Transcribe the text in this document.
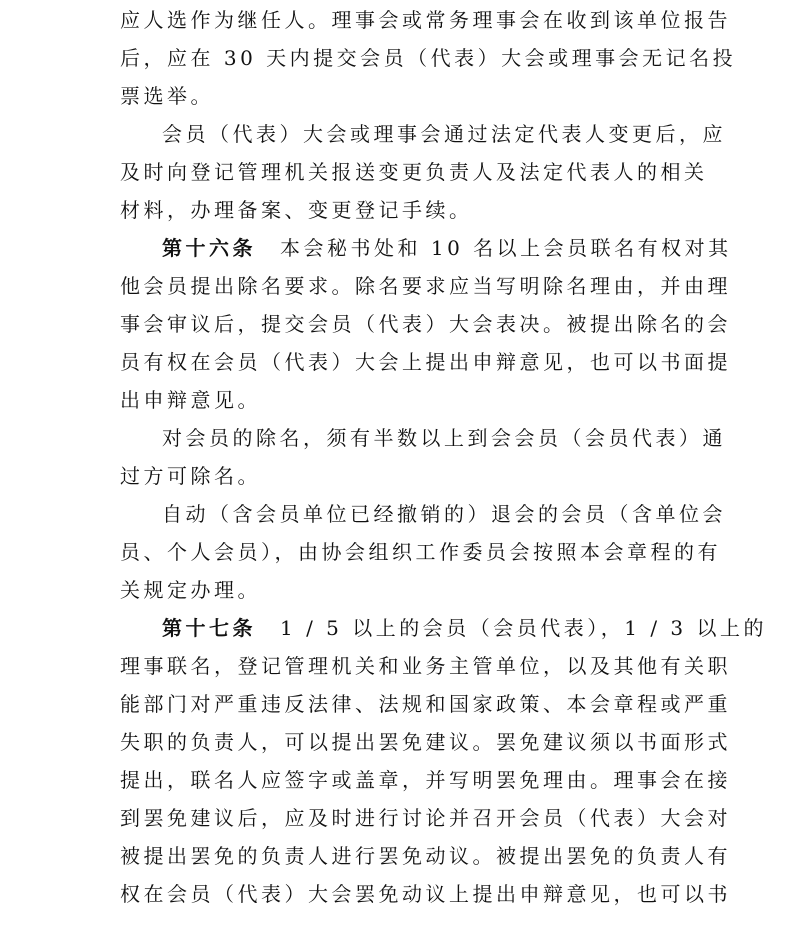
应人选作为继任人。理事会或常务理事会在收到该单位报告
后，应在 30 天内提交会员（代表）大会或理事会无记名投
票选举。
会员（代表）大会或理事会通过法定代表人变更后，应
及时向登记管理机关报送变更负责人及法定代表人的相关
材料，办理备案、变更登记手续。
第十六条 本会秘书处和 10 名以上会员联名有权对其
他会员提出除名要求。除名要求应当写明除名理由，并由理
事会审议后，提交会员（代表）大会表决。被提出除名的会
员有权在会员（代表）大会上提出申辩意见，也可以书面提
出申辩意见。
对会员的除名，须有半数以上到会会员（会员代表）通
过方可除名。
自动（含会员单位已经撤销的）退会的会员（含单位会
员、个人会员），由协会组织工作委员会按照本会章程的有
关规定办理。
第十七条 1 / 5 以上的会员（会员代表），1 / 3 以上的
理事联名，登记管理机关和业务主管单位，以及其他有关职
能部门对严重违反法律、法规和国家政策、本会章程或严重
失职的负责人，可以提出罢免建议。罢免建议须以书面形式
提出，联名人应签字或盖章，并写明罢免理由。理事会在接
到罢免建议后，应及时进行讨论并召开会员（代表）大会对
被提出罢免的负责人进行罢免动议。被提出罢免的负责人有
权在会员（代表）大会罢免动议上提出申辩意见，也可以书
